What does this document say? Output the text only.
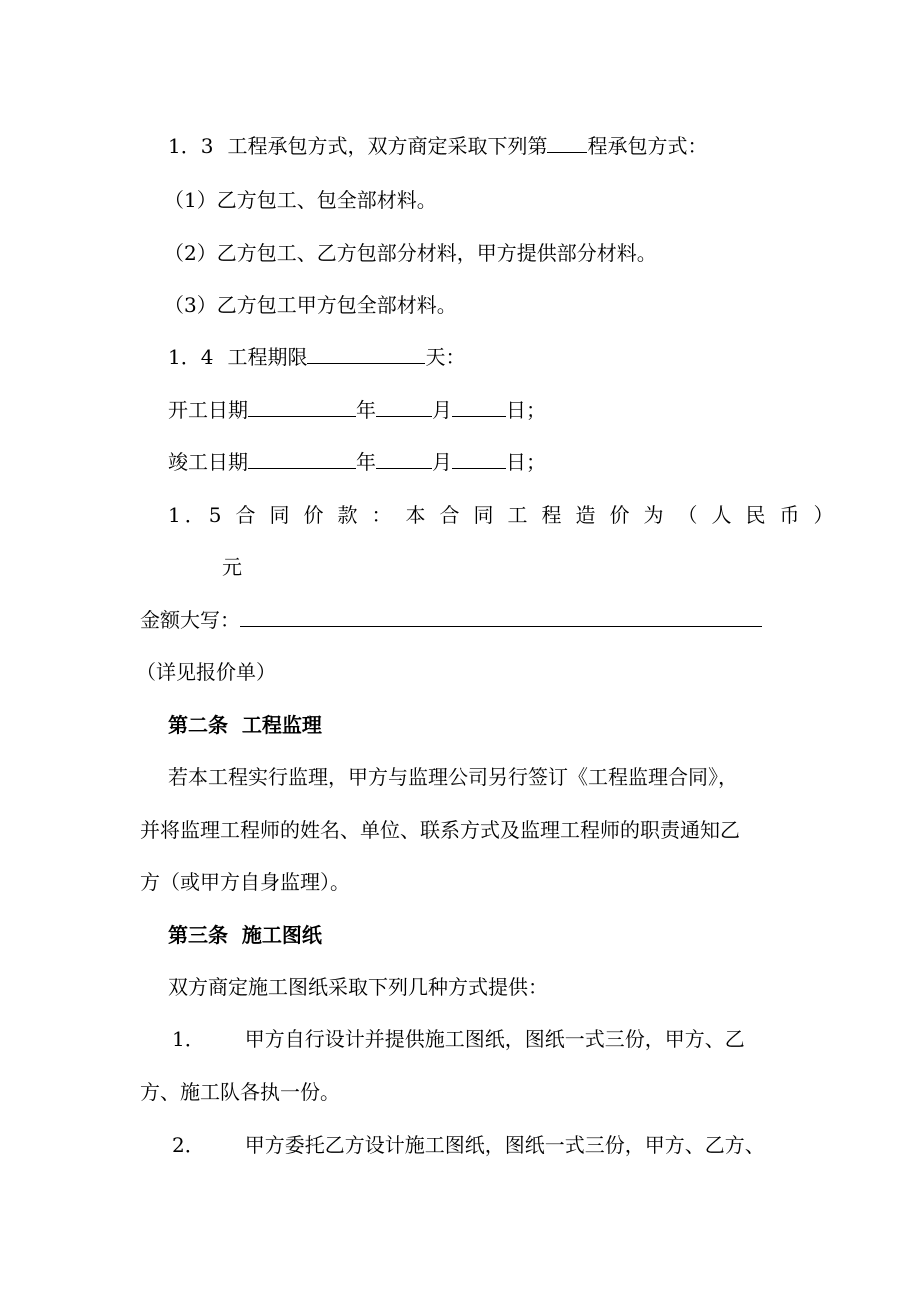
1．3 工程承包方式，双方商定采取下列第 程承包方式：
（1）乙方包工、包全部材料。
（2）乙方包工、乙方包部分材料，甲方提供部分材料。
（3）乙方包工甲方包全部材料。
1．4 工程期限	天：
开工日期	年	月	日；
竣工日期	年	月	日；
1．5 合同价款：本合同工程造价为（人民币）
元
金额大写：
（详见报价单）
第二条  工程监理
若本工程实行监理，甲方与监理公司另行签订《工程监理合同》，
并将监理工程师的姓名、单位、联系方式及监理工程师的职责通知乙
方（或甲方自身监理）。
第三条  施工图纸
双方商定施工图纸采取下列几种方式提供：
1． 甲方自行设计并提供施工图纸，图纸一式三份，甲方、乙
方、施工队各执一份。
2． 甲方委托乙方设计施工图纸，图纸一式三份，甲方、乙方、
